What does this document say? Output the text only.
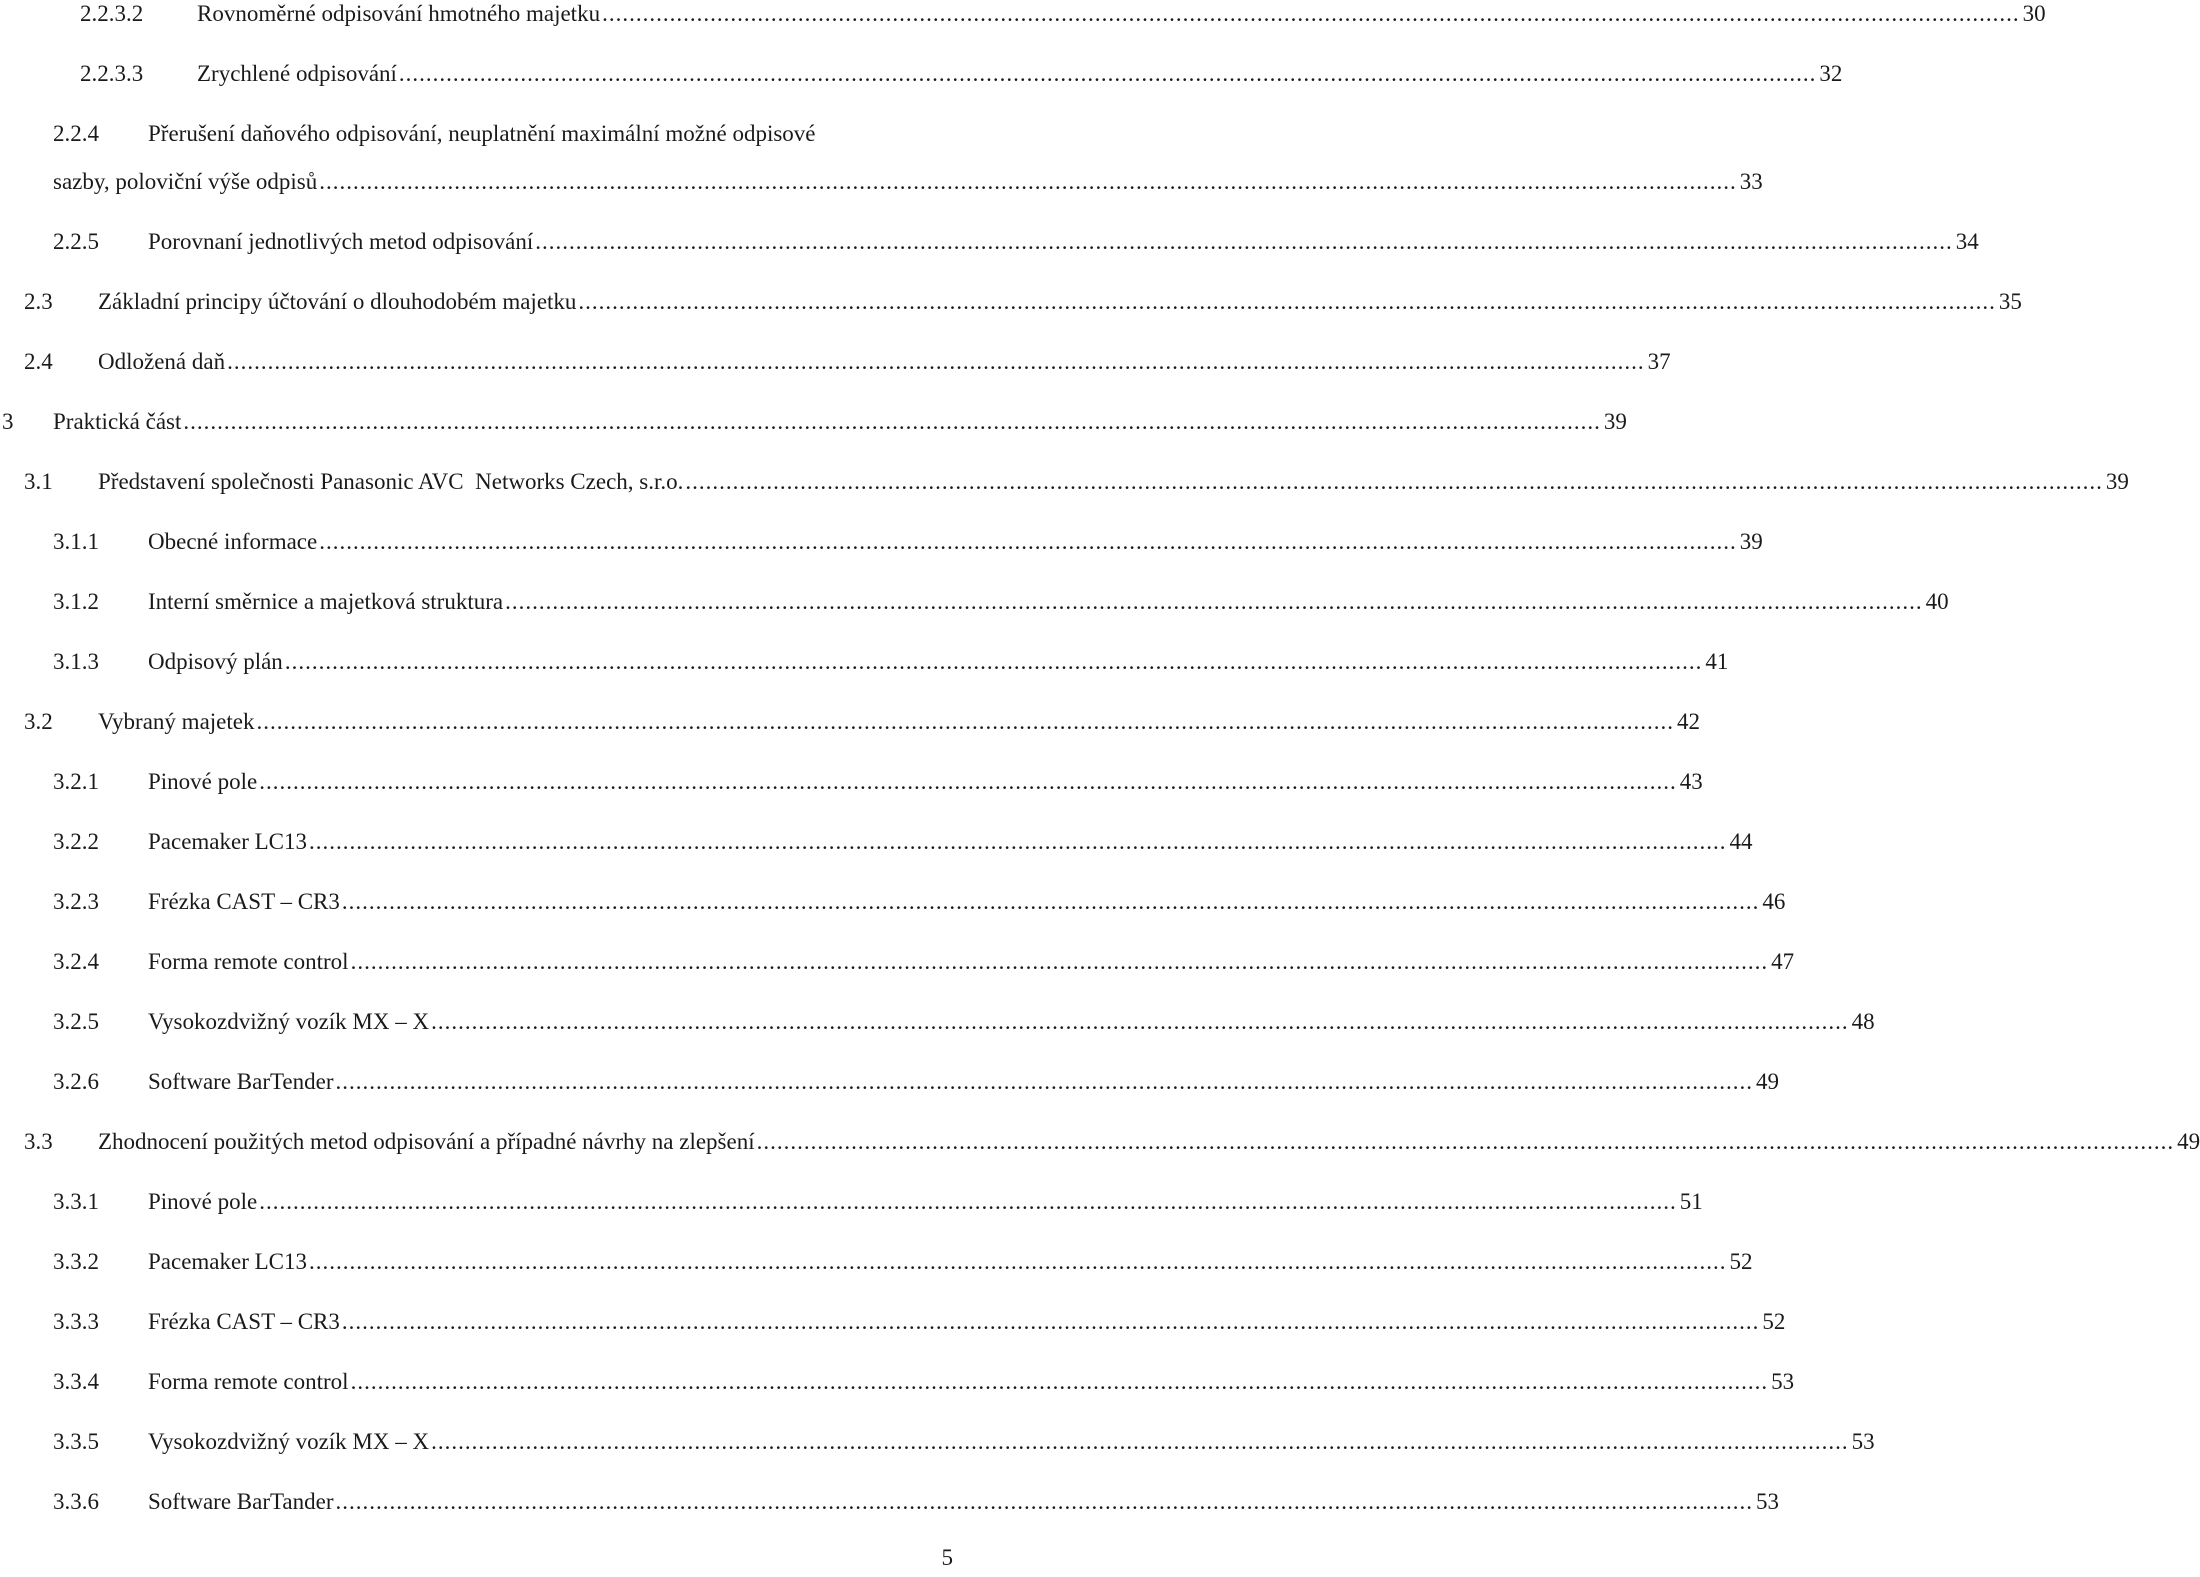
2.2.3.2	Rovnoměrné odpisování hmotného majetku .....	30
2.2.3.3	Zrychlené odpisování .....	32
2.2.4	Přerušení daňového odpisování, neuplatnění maximální možné odpisové
sazby, poloviční výše odpisů .....	33
2.2.5	Porovnaní jednotlivých metod odpisování .....	34
2.3	Základní principy účtování o dlouhodobém majetku .....	35
2.4	Odložená daň .....	37
3	Praktická část .....	39
3.1	Představení společnosti Panasonic AVC  Networks Czech, s.r.o. .....	39
3.1.1	Obecné informace .....	39
3.1.2	Interní směrnice a majetková struktura .....	40
3.1.3	Odpisový plán .....	41
3.2	Vybraný majetek .....	42
3.2.1	Pinové pole .....	43
3.2.2	Pacemaker LC13 .....	44
3.2.3	Frézka CAST – CR3 .....	46
3.2.4	Forma remote control .....	47
3.2.5	Vysokozdvižný vozík MX – X .....	48
3.2.6	Software BarTender .....	49
3.3	Zhodnocení použitých metod odpisování a případné návrhy na zlepšení .....	49
3.3.1	Pinové pole .....	51
3.3.2	Pacemaker LC13 .....	52
3.3.3	Frézka CAST – CR3 .....	52
3.3.4	Forma remote control .....	53
3.3.5	Vysokozdvižný vozík MX – X .....	53
3.3.6	Software BarTander .....	53
5
